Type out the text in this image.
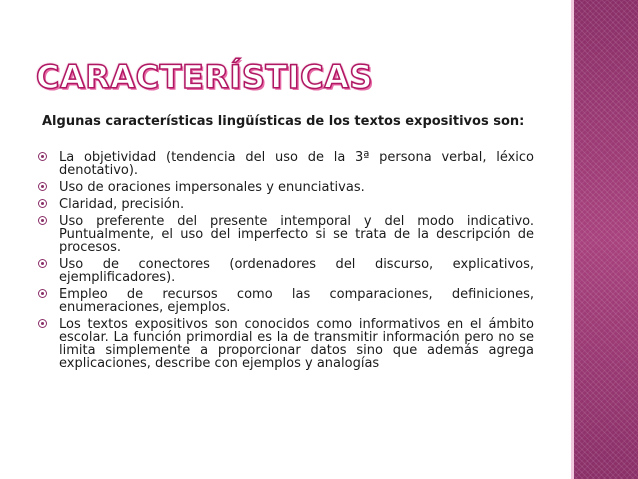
CARACTERÍSTICAS

Algunas características lingüísticas de los textos expositivos son:

La objetividad (tendencia del uso de la 3ª persona verbal, léxico denotativo).
Uso de oraciones impersonales y enunciativas.
Claridad, precisión.
Uso preferente del presente intemporal y del modo indicativo. Puntualmente, el uso del imperfecto si se trata de la descripción de procesos.
Uso de conectores (ordenadores del discurso, explicativos, ejemplificadores).
Empleo de recursos como las comparaciones, definiciones, enumeraciones, ejemplos.
Los textos expositivos son conocidos como informativos en el ámbito escolar. La función primordial es la de transmitir información pero no se limita simplemente a proporcionar datos sino que además agrega explicaciones, describe con ejemplos y analogías
